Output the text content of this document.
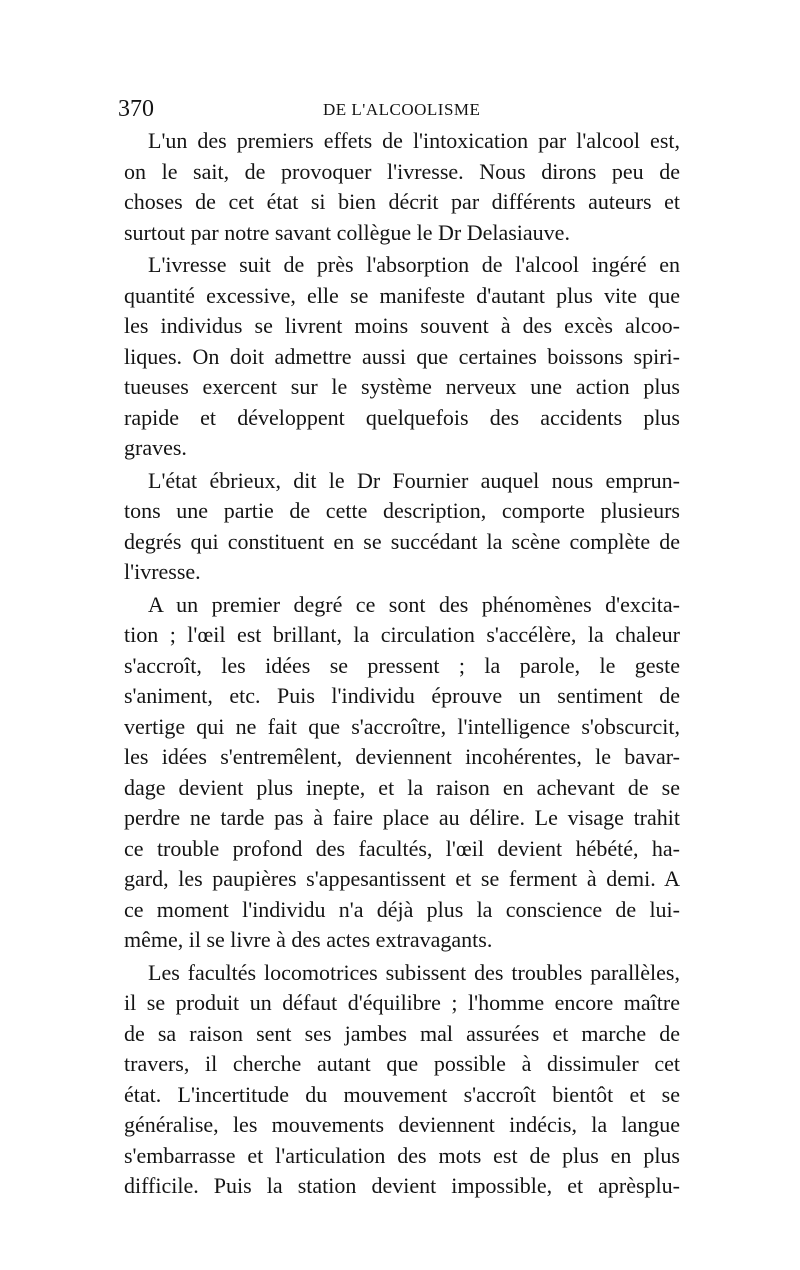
370	DE L'ALCOOLISME
L'un des premiers effets de l'intoxication par l'alcool est,
on le sait, de provoquer l'ivresse. Nous dirons peu de
choses de cet état si bien décrit par différents auteurs et
surtout par notre savant collègue le Dr Delasiauve.
L'ivresse suit de près l'absorption de l'alcool ingéré en
quantité excessive, elle se manifeste d'autant plus vite que
les individus se livrent moins souvent à des excès alcoo-
liques. On doit admettre aussi que certaines boissons spiri-
tueuses exercent sur le système nerveux une action plus
rapide et développent quelquefois des accidents plus
graves.
L'état ébrieux, dit le Dr Fournier auquel nous emprun-
tons une partie de cette description, comporte plusieurs
degrés qui constituent en se succédant la scène complète de
l'ivresse.
A un premier degré ce sont des phénomènes d'excita-
tion ; l'œil est brillant, la circulation s'accélère, la chaleur
s'accroît, les idées se pressent ; la parole, le geste
s'animent, etc. Puis l'individu éprouve un sentiment de
vertige qui ne fait que s'accroître, l'intelligence s'obscurcit,
les idées s'entremêlent, deviennent incohérentes, le bavar-
dage devient plus inepte, et la raison en achevant de se
perdre ne tarde pas à faire place au délire. Le visage trahit
ce trouble profond des facultés, l'œil devient hébété, ha-
gard, les paupières s'appesantissent et se ferment à demi. A
ce moment l'individu n'a déjà plus la conscience de lui-
même, il se livre à des actes extravagants.
Les facultés locomotrices subissent des troubles parallèles,
il se produit un défaut d'équilibre ; l'homme encore maître
de sa raison sent ses jambes mal assurées et marche de
travers, il cherche autant que possible à dissimuler cet
état. L'incertitude du mouvement s'accroît bientôt et se
généralise, les mouvements deviennent indécis, la langue
s'embarrasse et l'articulation des mots est de plus en plus
difficile. Puis la station devient impossible, et aprèsplu-
